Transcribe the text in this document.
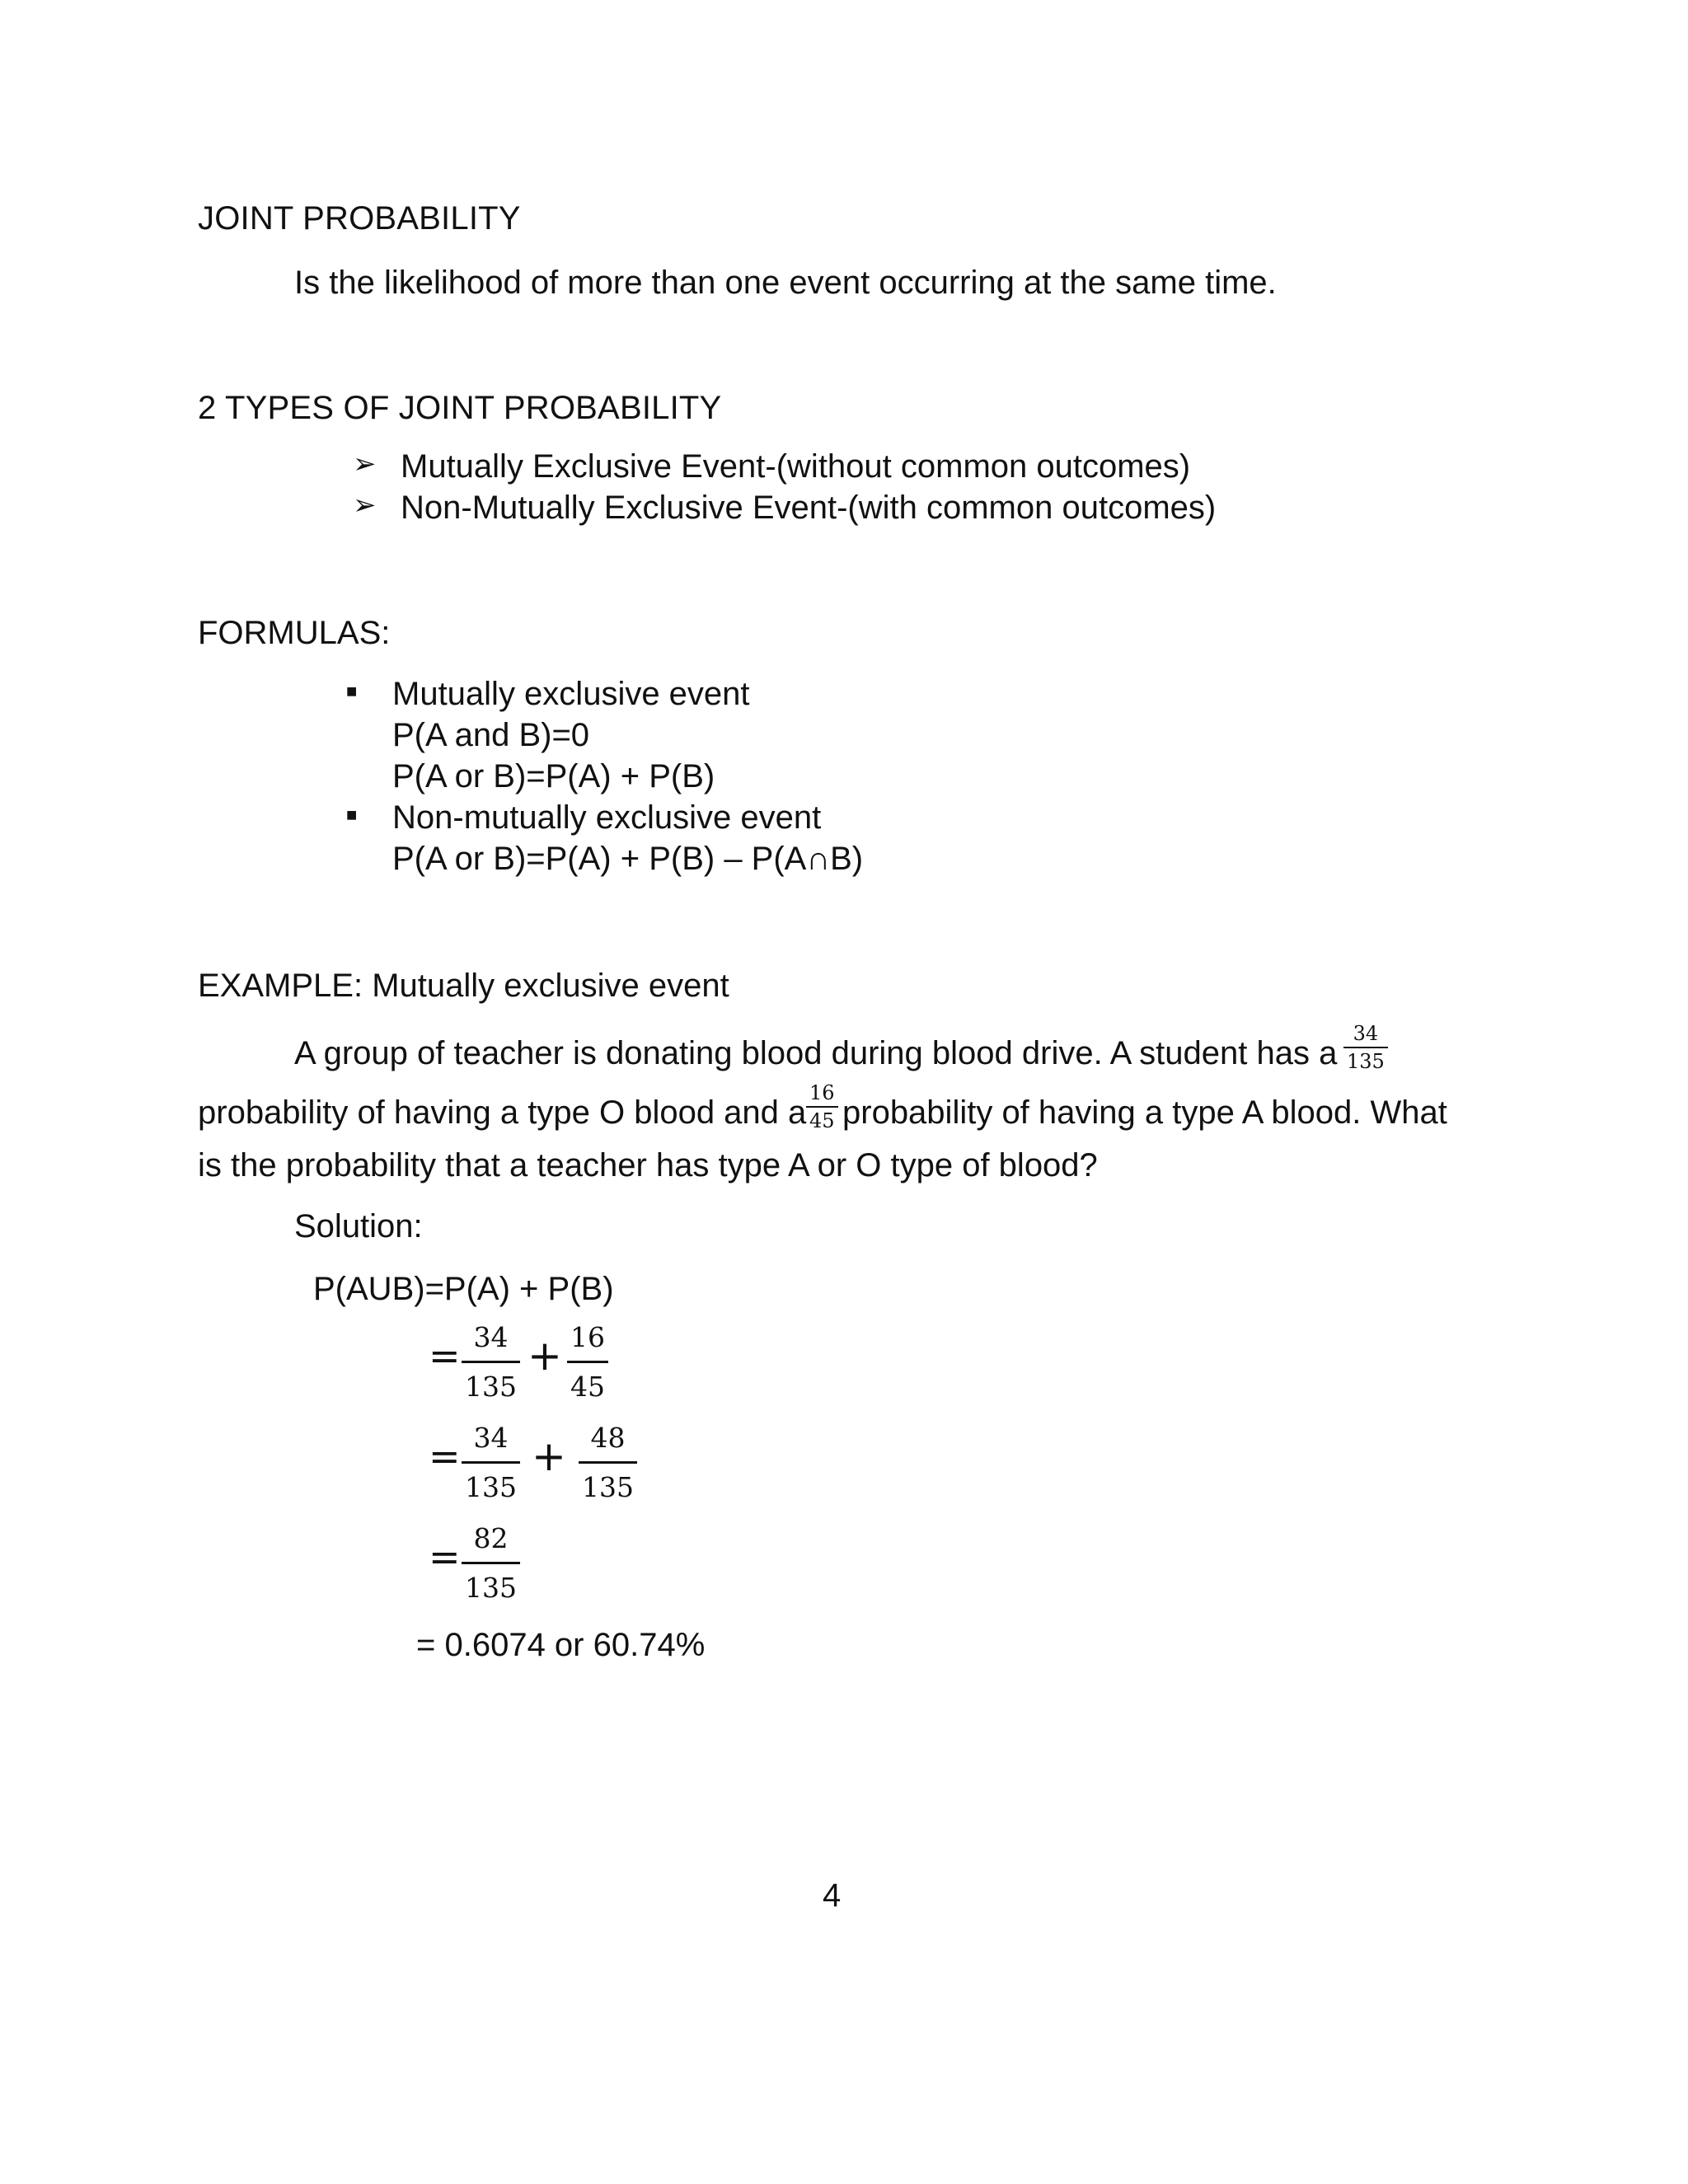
JOINT PROBABILITY
Is the likelihood of more than one event occurring at the same time.
2 TYPES OF JOINT PROBABILITY
➢ Mutually Exclusive Event-(without common outcomes)
➢ Non-Mutually Exclusive Event-(with common outcomes)
FORMULAS:
■ Mutually exclusive event
P(A and B)=0
P(A or B)=P(A) + P(B)
■ Non-mutually exclusive event
P(A or B)=P(A) + P(B) – P(A∩B)
EXAMPLE: Mutually exclusive event
A group of teacher is donating blood during blood drive. A student has a
34
135
probability of having a type O blood and a
16
45 probability of having a type A blood. What
is the probability that a teacher has type A or O type of blood?
Solution:
P(AUB)=P(A) + P(B)
= 34
135
+ 16
45
= 34
135
+ 48
135
= 82
135
= 0.6074 or 60.74%
4
